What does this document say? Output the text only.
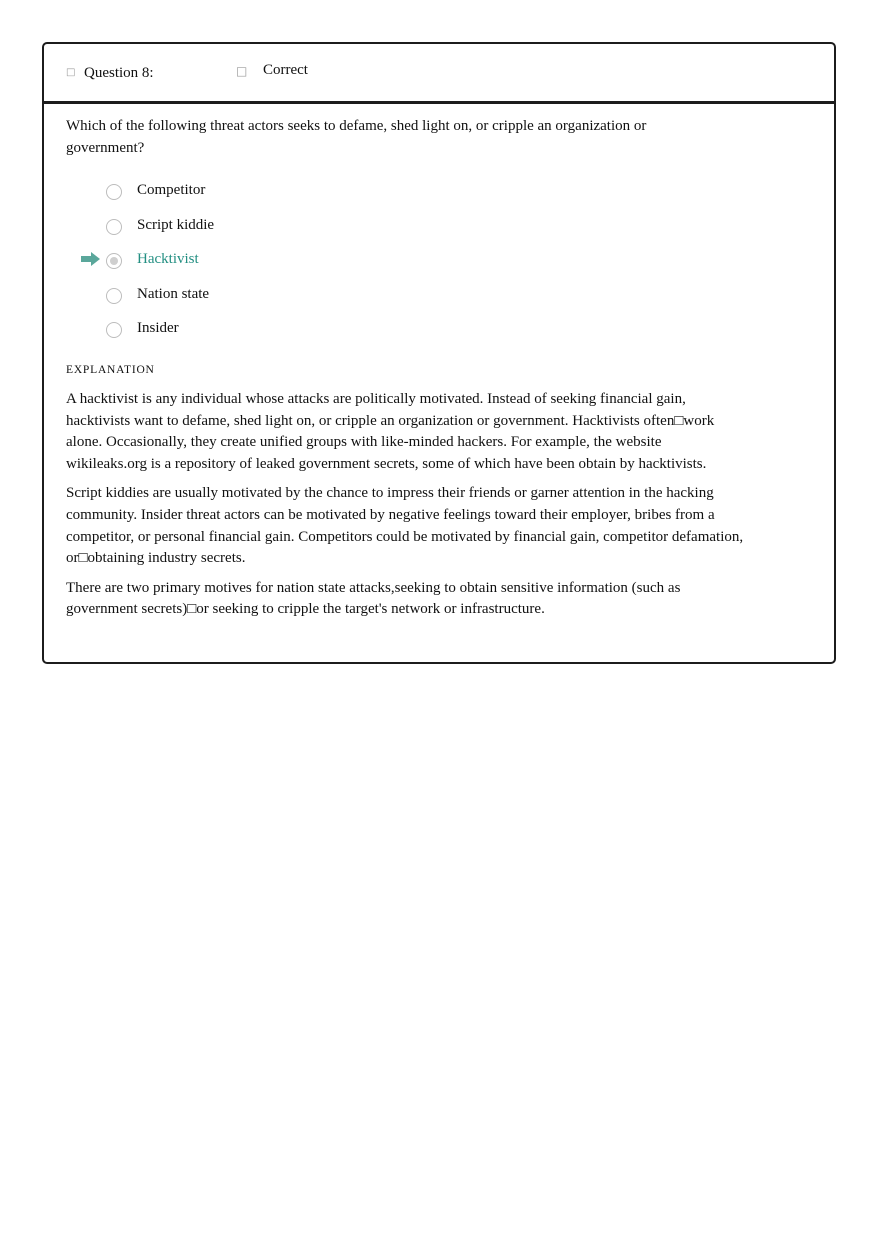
□ Question 8:	□ Correct
Which of the following threat actors seeks to defame, shed light on, or cripple an organization or government?
Competitor
Script kiddie
Hacktivist
Nation state
Insider
EXPLANATION

A hacktivist is any individual whose attacks are politically motivated. Instead of seeking financial gain, hacktivists want to defame, shed light on, or cripple an organization or government. Hacktivists often□work alone. Occasionally, they create unified groups with like-minded hackers. For example, the website wikileaks.org is a repository of leaked government secrets, some of which have been obtain by hacktivists.

Script kiddies are usually motivated by the chance to impress their friends or garner attention in the hacking community. Insider threat actors can be motivated by negative feelings toward their employer, bribes from a competitor, or personal financial gain. Competitors could be motivated by financial gain, competitor defamation, or□obtaining industry secrets.

There are two primary motives for nation state attacks,seeking to obtain sensitive information (such as government secrets)□or seeking to cripple the target's network or infrastructure.
